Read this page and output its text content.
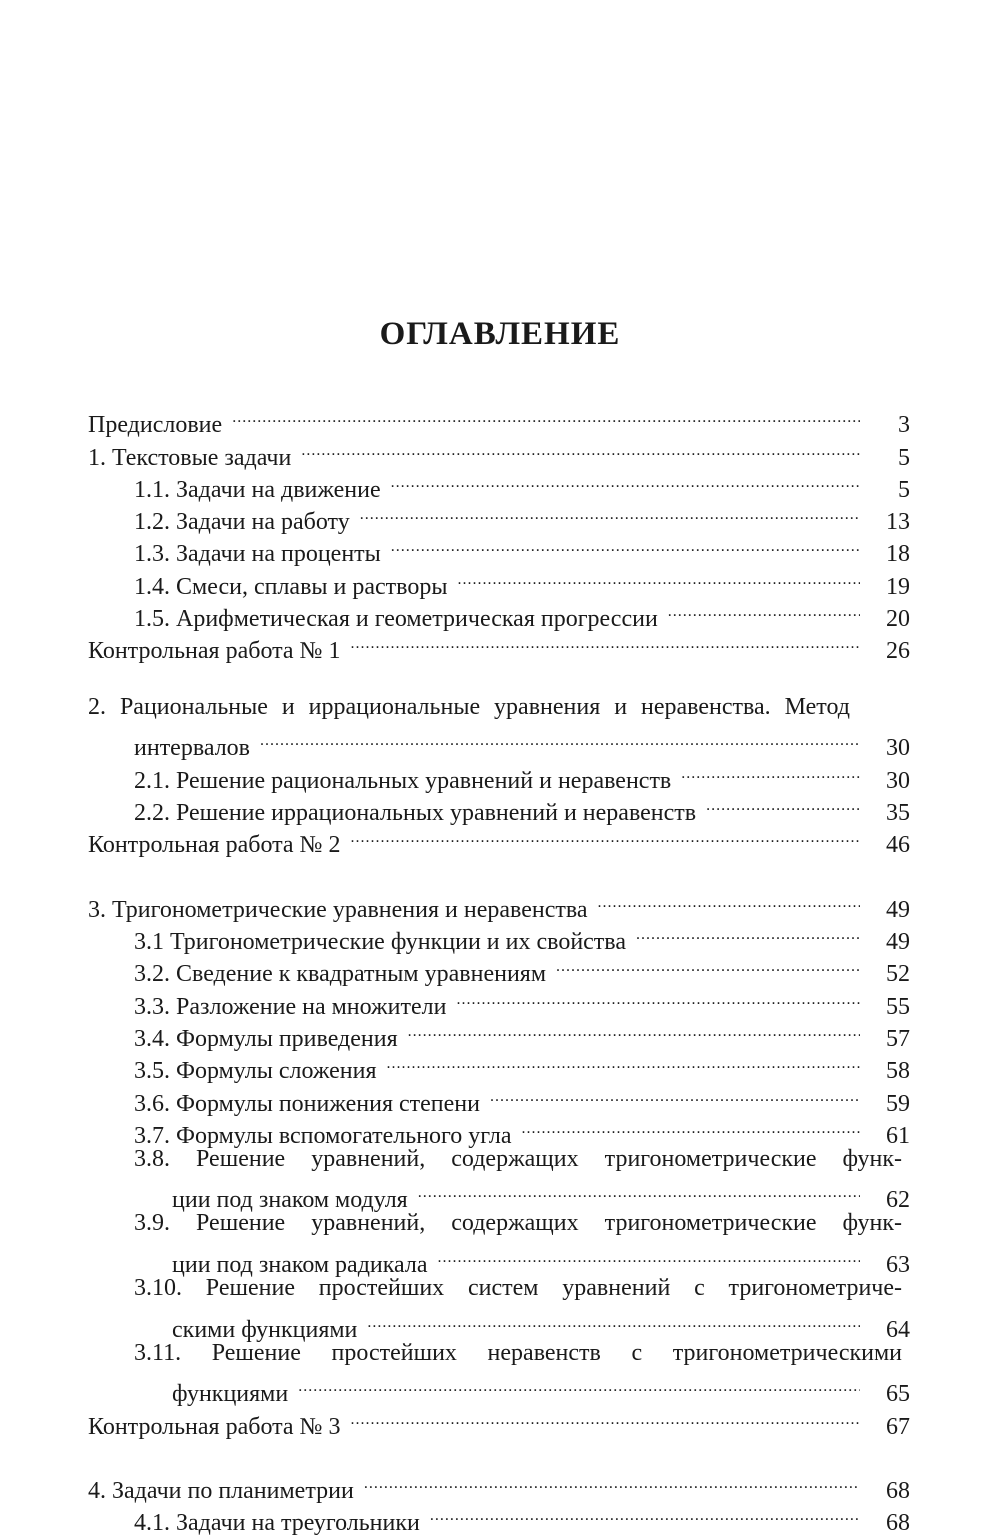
ОГЛАВЛЕНИЕ
Предисловие .....	3
1. Текстовые задачи .....	5
1.1. Задачи на движение .....	5
1.2. Задачи на работу .....	13
1.3. Задачи на проценты .....	18
1.4. Смеси, сплавы и растворы .....	19
1.5. Арифметическая и геометрическая прогрессии .....	20
Контрольная работа № 1 .....	26
2. Рациональные и иррациональные уравнения и неравенства. Метод
интервалов .....	30
2.1. Решение рациональных уравнений и неравенств .....	30
2.2. Решение иррациональных уравнений и неравенств .....	35
Контрольная работа № 2 .....	46
3. Тригонометрические уравнения и неравенства .....	49
3.1 Тригонометрические функции и их свойства .....	49
3.2. Сведение к квадратным уравнениям .....	52
3.3. Разложение на множители .....	55
3.4. Формулы приведения .....	57
3.5. Формулы сложения .....	58
3.6. Формулы понижения степени .....	59
3.7. Формулы вспомогательного угла .....	61
3.8. Решение уравнений, содержащих тригонометрические функ-
ции под знаком модуля .....	62
3.9. Решение уравнений, содержащих тригонометрические функ-
ции под знаком радикала .....	63
3.10. Решение простейших систем уравнений с тригонометриче-
скими функциями .....	64
3.11. Решение простейших неравенств с тригонометрическими
функциями .....	65
Контрольная работа № 3 .....	67
4. Задачи по планиметрии .....	68
4.1. Задачи на треугольники .....	68
